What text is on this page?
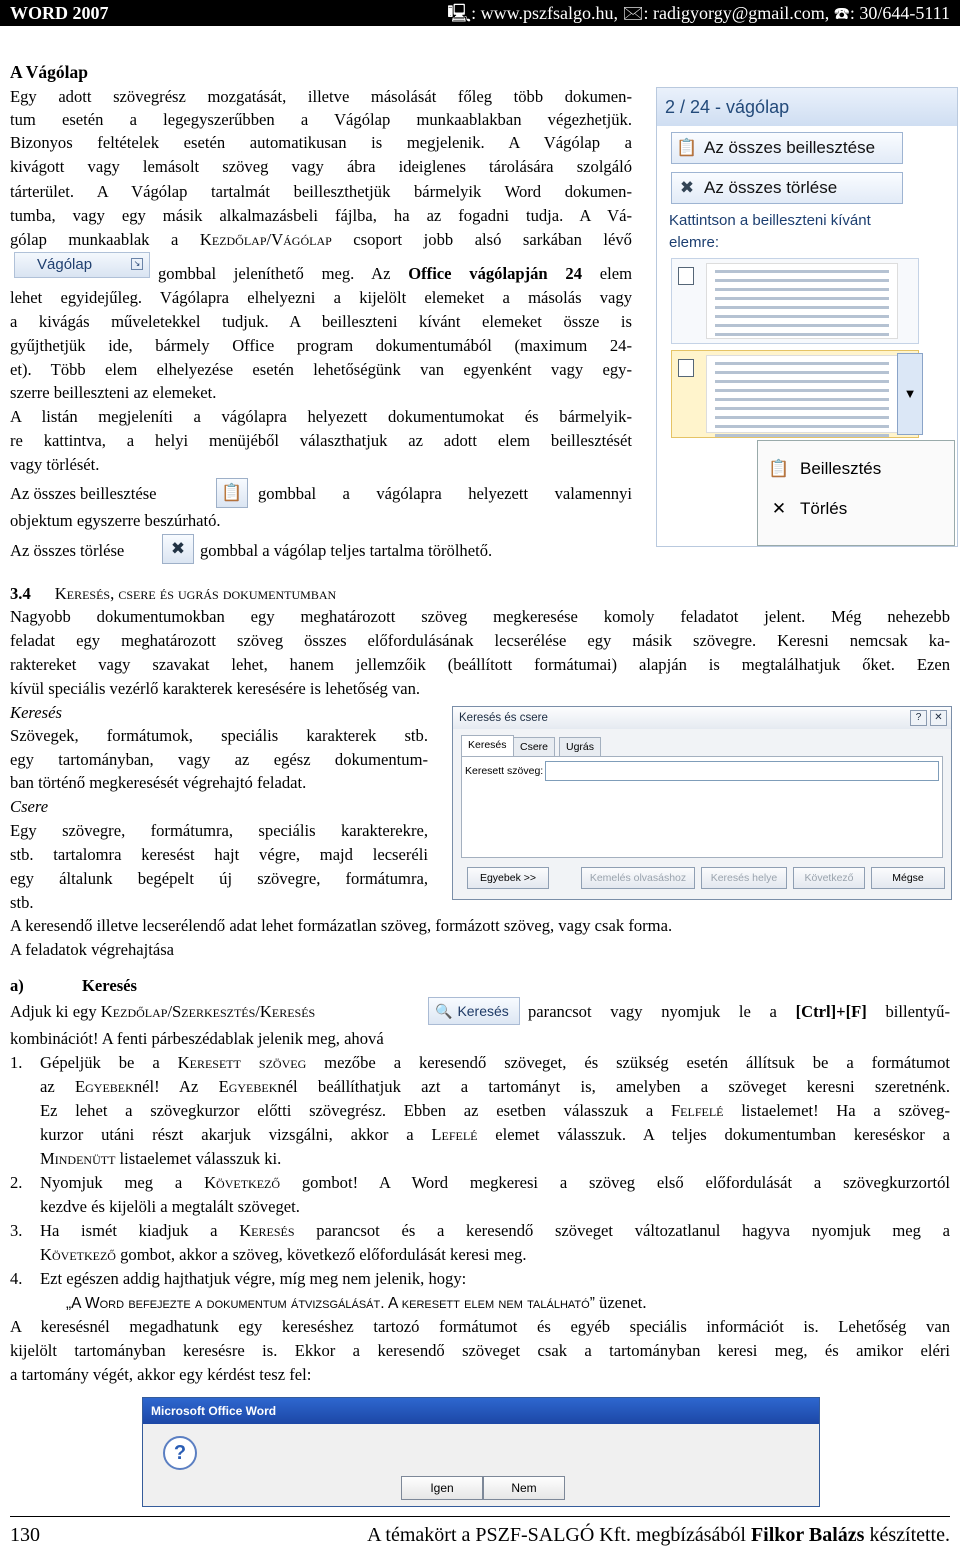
WORD 2007	🖳: www.pszfsalgo.hu, 🖂: radigyorgy@gmail.com, ☎: 30/644-5111
A Vágólap
Egy adott szövegrész mozgatását, illetve másolását főleg több dokumen-
tum esetén a legegyszerűbben a Vágólap munkaablakban végezhetjük.
Bizonyos feltételek esetén automatikusan is megjelenik. A Vágólap a
kivágott vagy lemásolt szöveg vagy ábra ideiglenes tárolására szolgáló
tárterület. A Vágólap tartalmát beilleszthetjük bármelyik Word dokumen-
tumba, vagy egy másik alkalmazásbeli fájlba, ha az fogadni tudja. A Vá-
gólap munkaablak a Kezdőlap/Vágólap csoport jobb alsó sarkában lévő
Vágólap	↘
gombbal jeleníthető meg. Az Office vágólapján 24 elem
lehet egyidejűleg. Vágólapra elhelyezni a kijelölt elemeket a másolás vagy
a kivágás műveletekkel tudjuk. A beilleszteni kívánt elemeket össze is
gyűjthetjük ide, bármely Office program dokumentumából (maximum 24-
et). Több elem elhelyezése esetén lehetőségünk van egyenként vagy egy-
szerre beilleszteni az elemeket.
A listán megjeleníti a vágólapra helyezett dokumentumokat és bármelyik-
re kattintva, a helyi menüjéből választhatjuk az adott elem beillesztését
vagy törlését.
Az összes beillesztése	📋 gombbal a vágólapra helyezett valamennyi
objektum egyszerre beszúrható.
Az összes törlése	✖ gombbal a vágólap teljes tartalma törölhető.
2 / 24 - vágólap
📋 Az összes beillesztése
✖ Az összes törlése
Kattintson a beilleszteni kívánt
elemre:
▼
📋 Beillesztés
✕ Törlés
3.4 Keresés, csere és ugrás dokumentumban
Nagyobb dokumentumokban egy meghatározott szöveg megkeresése komoly feladatot jelent. Még nehezebb
feladat egy meghatározott szöveg összes előfordulásának lecserélése egy másik szövegre. Keresni nemcsak ka-
raktereket vagy szavakat lehet, hanem jellemzőik (beállított formátumai) alapján is megtalálhatjuk őket. Ezen
kívül speciális vezérlő karakterek keresésére is lehetőség van.
Keresés
Szövegek, formátumok, speciális karakterek stb.
egy tartományban, vagy az egész dokumentum-
ban történő megkeresését végrehajtó feladat.
Csere
Egy szövegre, formátumra, speciális karakterekre,
stb. tartalomra keresést hajt végre, majd lecseréli
egy általunk begépelt új szövegre, formátumra,
stb.
A keresendő illetve lecserélendő adat lehet formázatlan szöveg, formázott szöveg, vagy csak forma.
A feladatok végrehajtása
Keresés és csere	?	✕
Keresés	Csere	Ugrás
Keresett szöveg:
Egyebek >>	Kemelés olvasáshoz	Keresés helye	Következő	Mégse
a)	Keresés
Adjuk ki egy Kezdőlap/Szerkesztés/Keresés	🔍 Keresés	parancsot vagy nyomjuk le a [Ctrl]+[F] billentyű-
kombinációt! A fenti párbeszédablak jelenik meg, ahová
1. Gépeljük be a Keresett szöveg mezőbe a keresendő szöveget, és szükség esetén állítsuk be a formátumot
az Egyebeknél! Az Egyebeknél beállíthatjuk azt a tartományt is, amelyben a szöveget keresni szeretnénk.
Ez lehet a szövegkurzor előtti szövegrész. Ebben az esetben válasszuk a Felfelé listaelemet! Ha a szöveg-
kurzor utáni részt akarjuk vizsgálni, akkor a Lefelé elemet válasszuk. A teljes dokumentumban kereséskor a
Mindenütt listaelemet válasszuk ki.
2. Nyomjuk meg a Következő gombot! A Word megkeresi a szöveg első előfordulását a szövegkurzortól
kezdve és kijelöli a megtalált szöveget.
3. Ha ismét kiadjuk a Keresés parancsot és a keresendő szöveget változatlanul hagyva nyomjuk meg a
Következő gombot, akkor a szöveg, következő előfordulását keresi meg.
4. Ezt egészen addig hajthatjuk végre, míg meg nem jelenik, hogy:
„A Word befejezte a dokumentum átvizsgálását. A keresett elem nem található” üzenet.
A keresésnél megadhatunk egy kereséshez tartozó formátumot és egyéb speciális információt is. Lehetőség van
kijelölt tartományban keresésre is. Ekkor a keresendő szöveget csak a tartományban keresi meg, és amikor eléri
a tartomány végét, akkor egy kérdést tesz fel:
Microsoft Office Word
?
Igen	Nem
130	A témakört a PSZF-SALGÓ Kft. megbízásából Filkor Balázs készítette.
